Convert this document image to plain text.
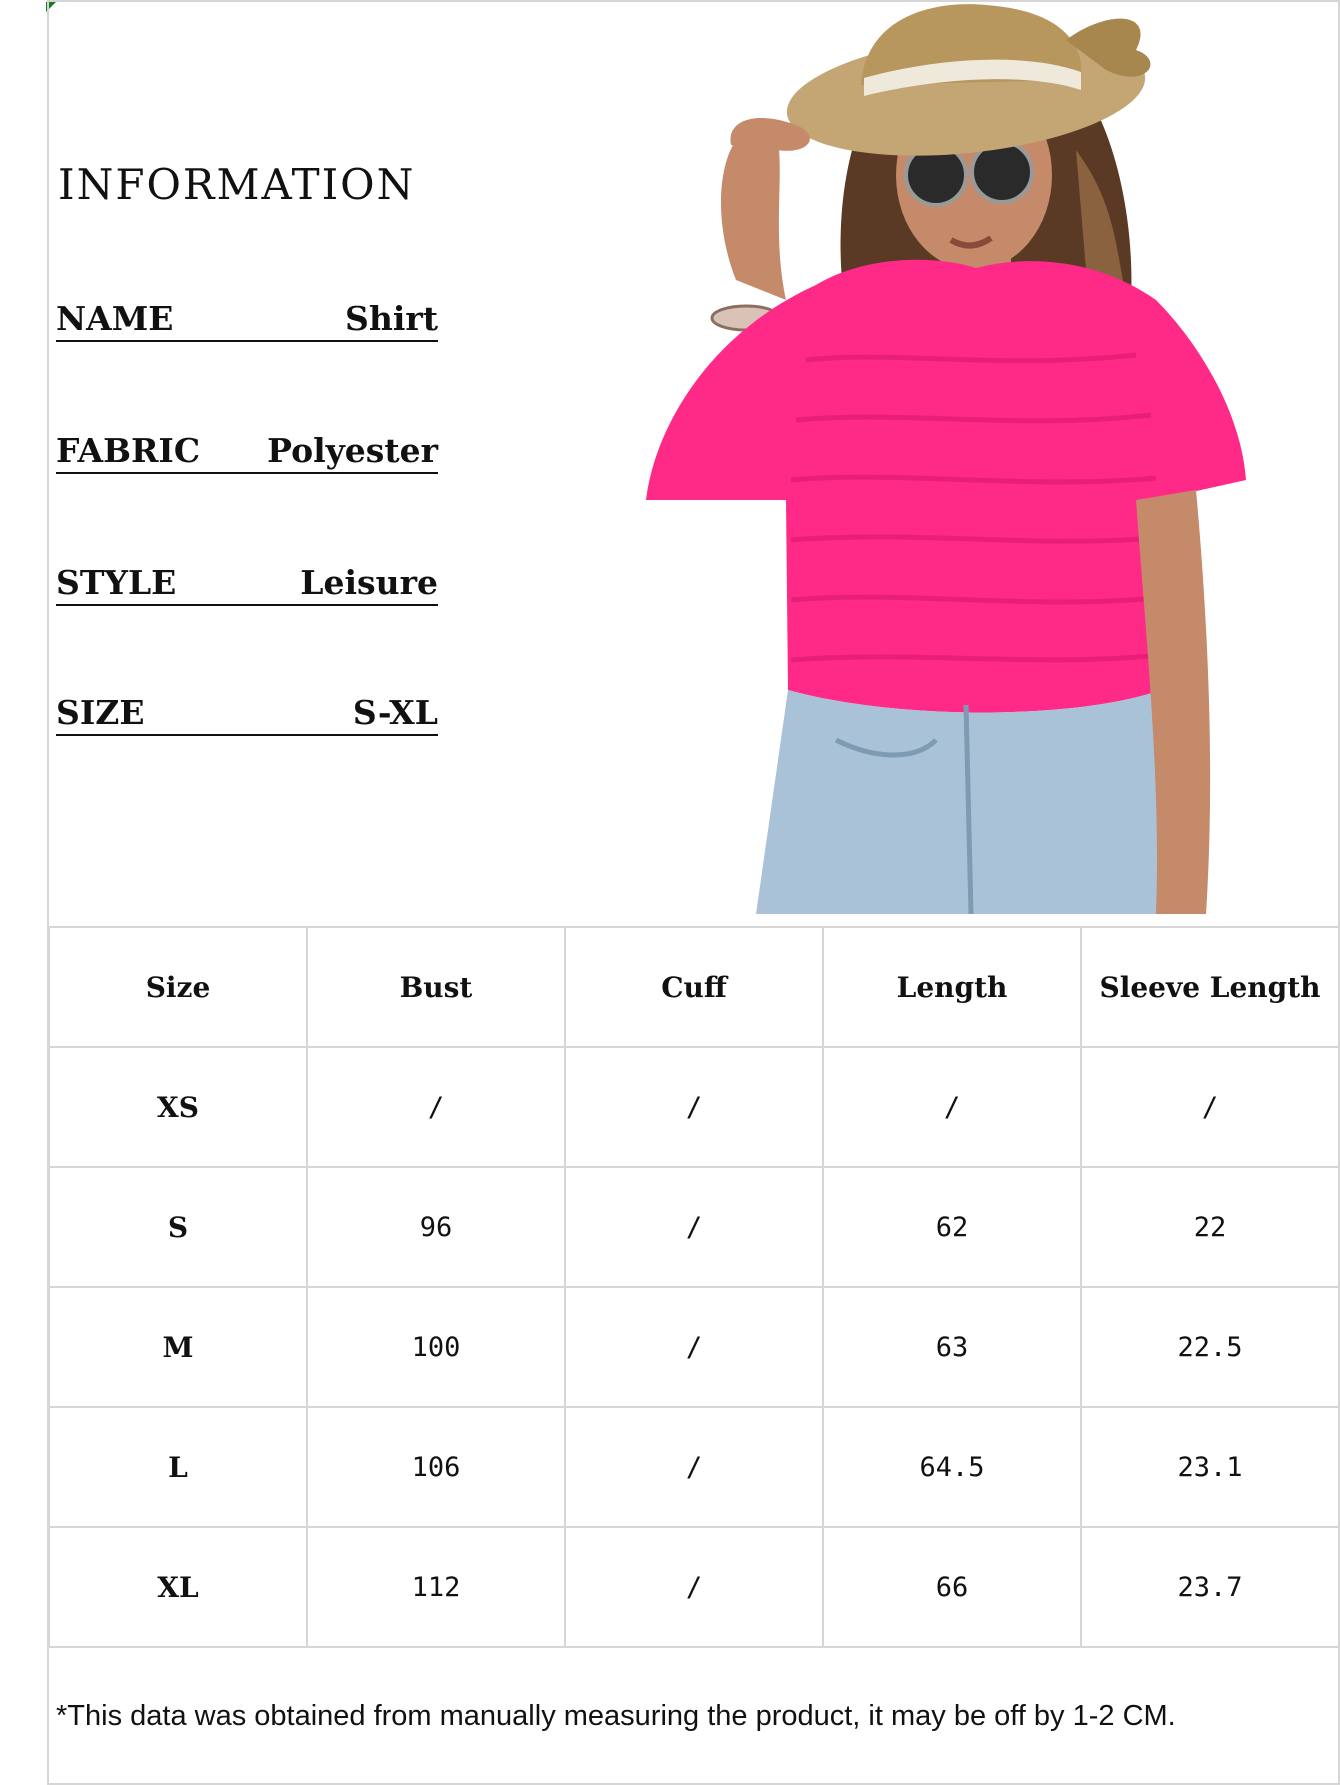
INFORMATION
NAME	Shirt
FABRIC Polyester
STYLE	Leisure
SIZE	S-XL
Size	Bust	Cuff	Length	Sleeve Length
XS	/	/	/	/
S	96	/	62	22
M	100	/	63	22.5
L	106	/	64.5	23.1
XL	112	/	66	23.7
*This data was obtained from manually measuring the product, it may be off by 1-2 CM.
